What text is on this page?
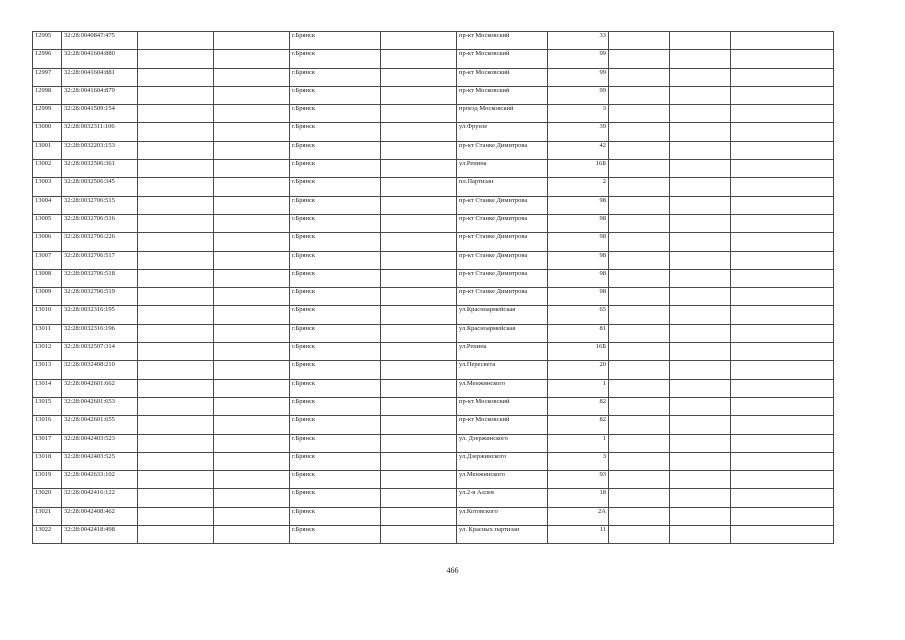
12995	32:28:0040847:475			г.Брянск		пр-кт Московский	33			
12996	32:28:0041604:880			г.Брянск		пр-кт Московский	99			
12997	32:28:0041604:881			г.Брянск		пр-кт Московский	99			
12998	32:28:0041604:879			г.Брянск		пр-кт Московский	99			
12999	32:28:0041509:154			г.Брянск		проезд Московский	3			
13000	32:28:0032311:106			г.Брянск		ул.Фрунзе	39			
13001	32:28:0032203:153			г.Брянск		пр-кт Станке Димитрова	42			
13002	32:28:0032506:361			г.Брянск		ул.Ренина	16Б			
13003	32:28:0032506:345			г.Брянск		пл.Партизан	2			
13004	32:28:0032706:515			г.Брянск		пр-кт Станке Димитрова	98			
13005	32:28:0032706:516			г.Брянск		пр-кт Станке Димитрова	98			
13006	32:28:0032706:226			г.Брянск		пр-кт Станке Димитрова	98			
13007	32:28:0032706:517			г.Брянск		пр-кт Станке Димитрова	98			
13008	32:28:0032706:518			г.Брянск		пр-кт Станке Димитрова	98			
13009	32:28:0032706:519			г.Брянск		пр-кт Станке Димитрова	98			
13010	32:28:0032316:195			г.Брянск		ул.Красноармейская	65			
13011	32:28:0032316:196			г.Брянск		ул.Красноармейская	81			
13012	32:28:0032507:314			г.Брянск		ул.Ренина	16Б			
13013	32:28:0032408:210			г.Брянск		ул.Пересвета	20			
13014	32:28:0042601:662			г.Брянск		ул.Менжинского	1			
13015	32:28:0042601:653			г.Брянск		пр-кт Московский	82			
13016	32:28:0042601:655			г.Брянск		пр-кт Московский	82			
13017	32:28:0042403:523			г.Брянск		ул. Дзержинского	1			
13018	32:28:0042403:525			г.Брянск		ул.Дзержинского	3			
13019	32:28:0042633:102			г.Брянск		ул.Менжинского	93			
13020	32:28:0042416:122			г.Брянск		ул.2-я Аллея	18			
13021	32:28:0042408:462			г.Брянск		ул.Котовского	2А			
13022	32:28:0042418:498			г.Брянск		ул. Красных партизан	11			
466
